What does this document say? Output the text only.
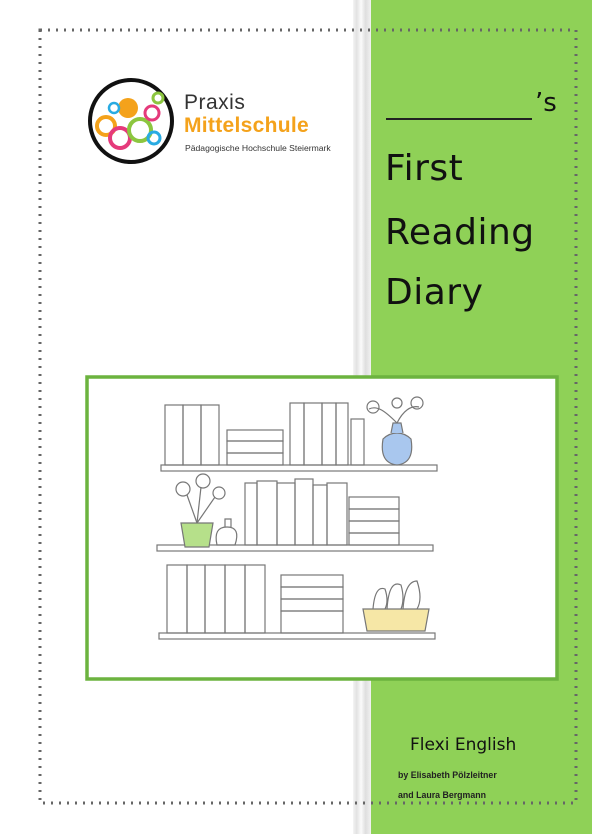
Praxis
Mittelschule
Pädagogische Hochschule Steiermark
’s
First
Reading
Diary
Flexi English
by Elisabeth Pölzleitner
and Laura Bergmann
